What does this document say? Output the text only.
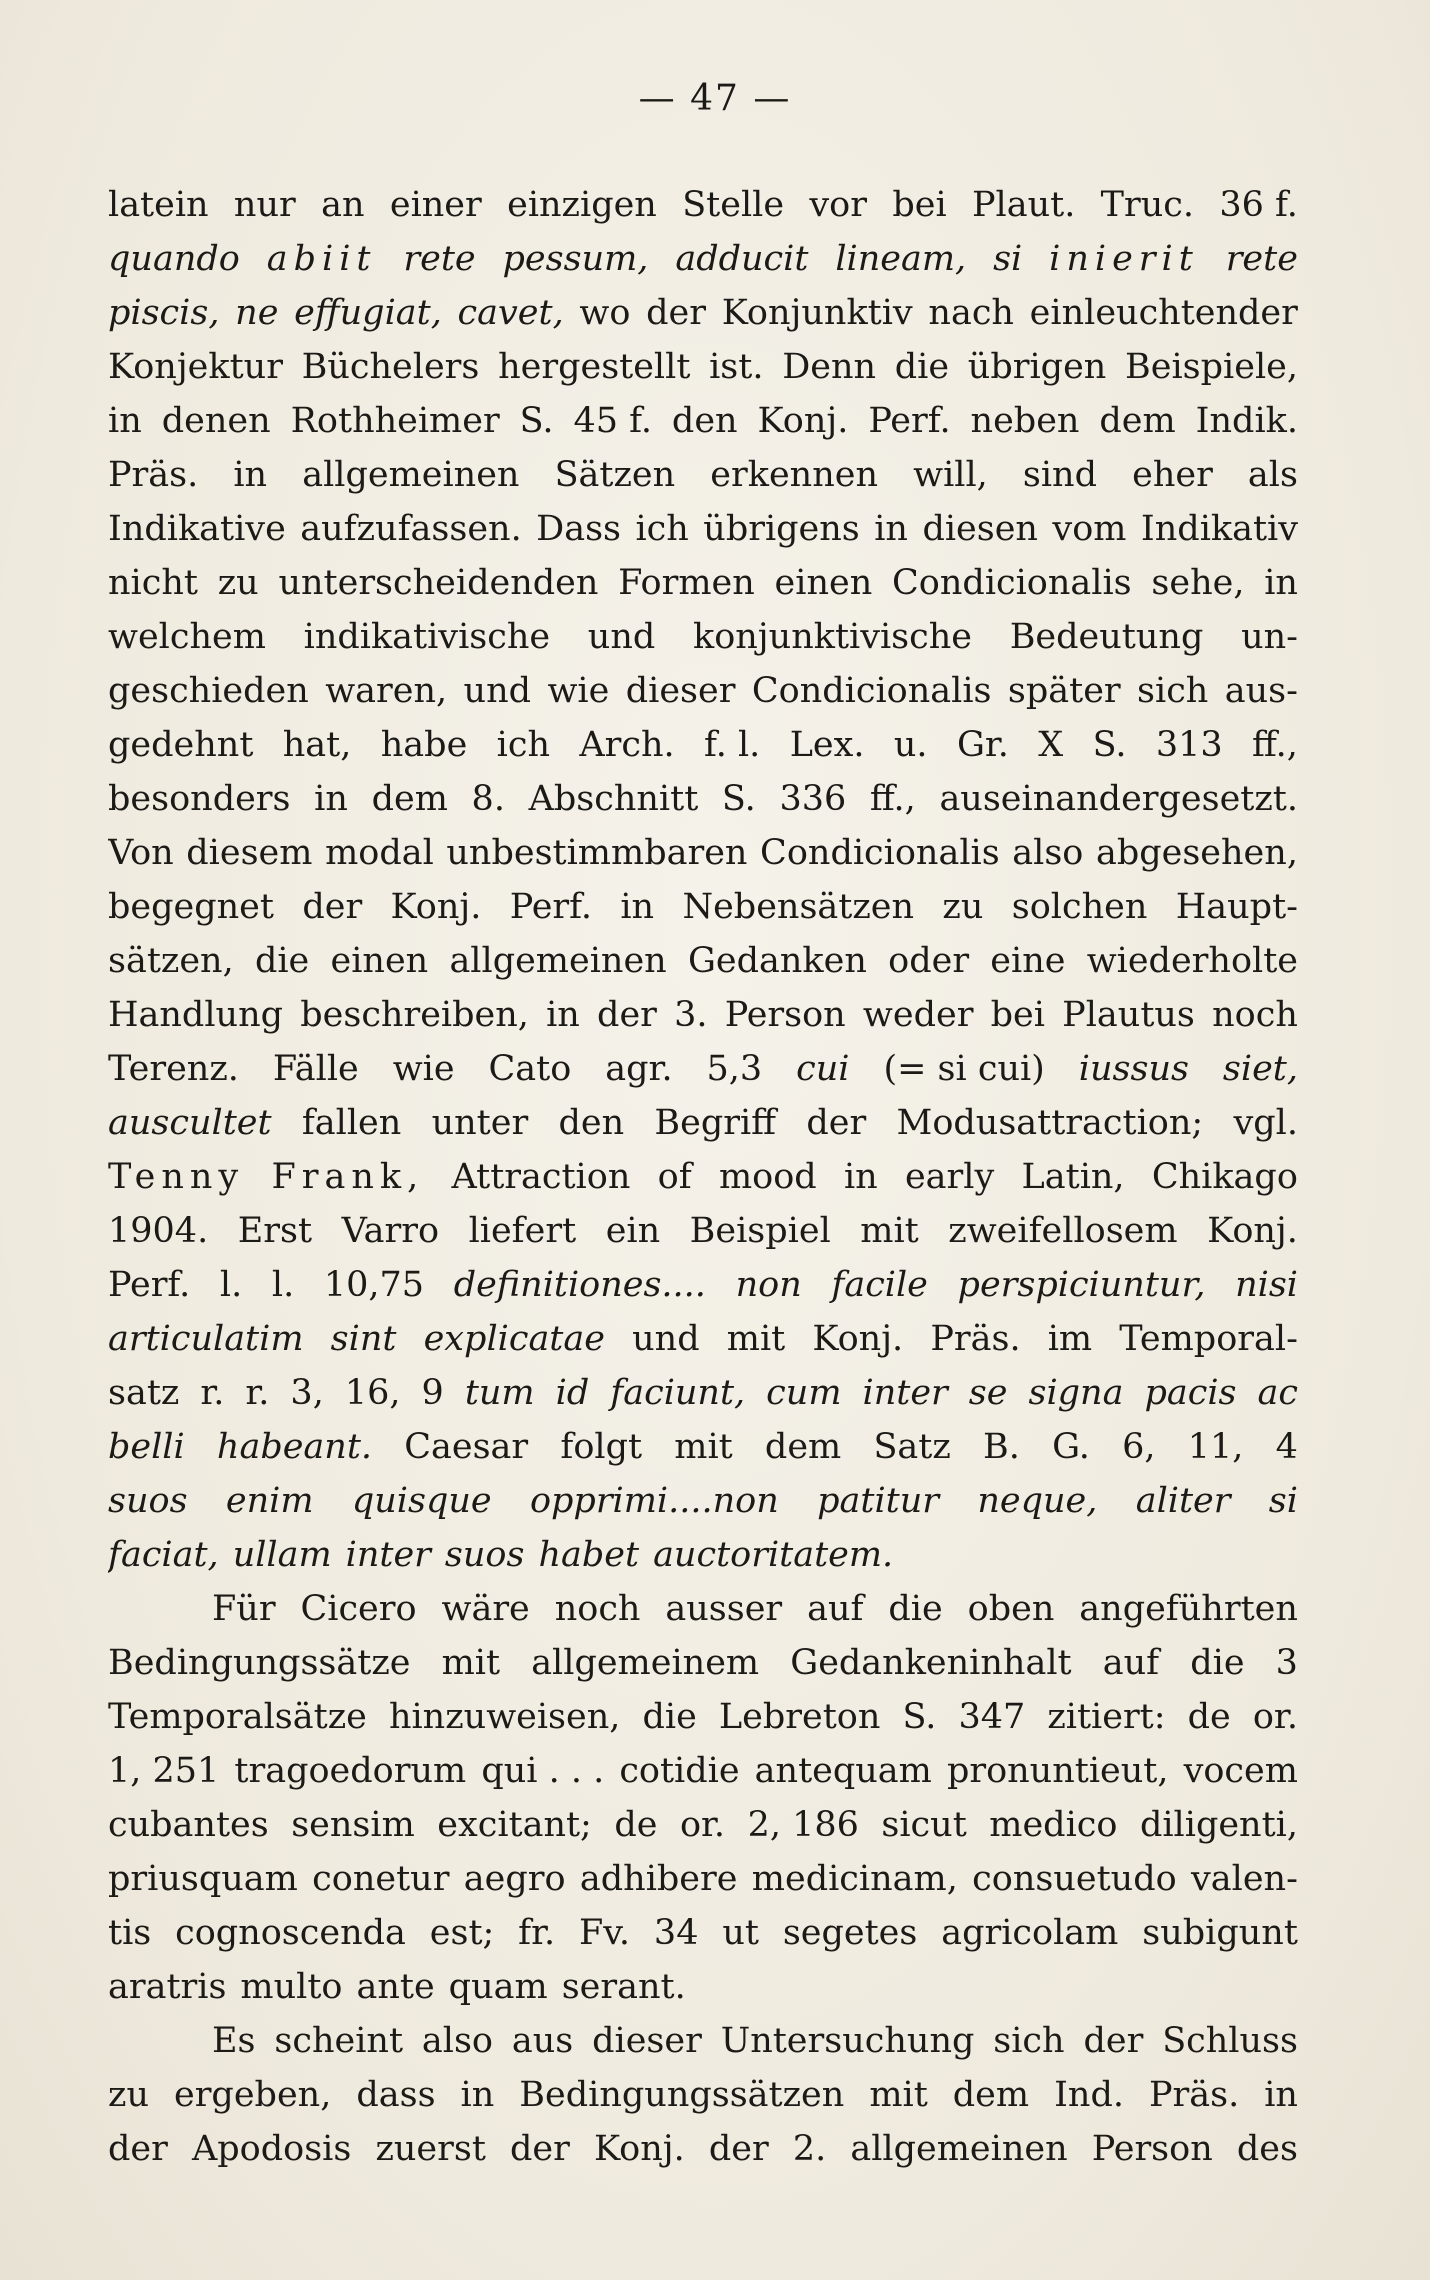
— 47 —
latein nur an einer einzigen Stelle vor bei Plaut. Truc. 36 f.
quando abiit rete pessum, adducit lineam, si inierit rete
piscis, ne effugiat, cavet, wo der Konjunktiv nach einleuchtender
Konjektur Büchelers hergestellt ist. Denn die übrigen Beispiele,
in denen Rothheimer S. 45 f. den Konj. Perf. neben dem Indik.
Präs. in allgemeinen Sätzen erkennen will, sind eher als
Indikative aufzufassen. Dass ich übrigens in diesen vom Indikativ
nicht zu unterscheidenden Formen einen Condicionalis sehe, in
welchem indikativische und konjunktivische Bedeutung un-
geschieden waren, und wie dieser Condicionalis später sich aus-
gedehnt hat, habe ich Arch. f. l. Lex. u. Gr. X S. 313 ff.,
besonders in dem 8. Abschnitt S. 336 ff., auseinandergesetzt.
Von diesem modal unbestimmbaren Condicionalis also abgesehen,
begegnet der Konj. Perf. in Nebensätzen zu solchen Haupt-
sätzen, die einen allgemeinen Gedanken oder eine wiederholte
Handlung beschreiben, in der 3. Person weder bei Plautus noch
Terenz. Fälle wie Cato agr. 5,3 cui (= si cui) iussus siet,
auscultet fallen unter den Begriff der Modusattraction; vgl.
Tenny Frank, Attraction of mood in early Latin, Chikago
1904. Erst Varro liefert ein Beispiel mit zweifellosem Konj.
Perf. l. l. 10,75 definitiones.... non facile perspiciuntur, nisi
articulatim sint explicatae und mit Konj. Präs. im Temporal-
satz r. r. 3, 16, 9 tum id faciunt, cum inter se signa pacis ac
belli habeant. Caesar folgt mit dem Satz B. G. 6, 11, 4
suos enim quisque opprimi....non patitur neque, aliter si
faciat, ullam inter suos habet auctoritatem.
Für Cicero wäre noch ausser auf die oben angeführten
Bedingungssätze mit allgemeinem Gedankeninhalt auf die 3
Temporalsätze hinzuweisen, die Lebreton S. 347 zitiert: de or.
1, 251 tragoedorum qui . . . cotidie antequam pronuntieut, vocem
cubantes sensim excitant; de or. 2, 186 sicut medico diligenti,
priusquam conetur aegro adhibere medicinam, consuetudo valen-
tis cognoscenda est; fr. Fv. 34 ut segetes agricolam subigunt
aratris multo ante quam serant.
Es scheint also aus dieser Untersuchung sich der Schluss
zu ergeben, dass in Bedingungssätzen mit dem Ind. Präs. in
der Apodosis zuerst der Konj. der 2. allgemeinen Person des
